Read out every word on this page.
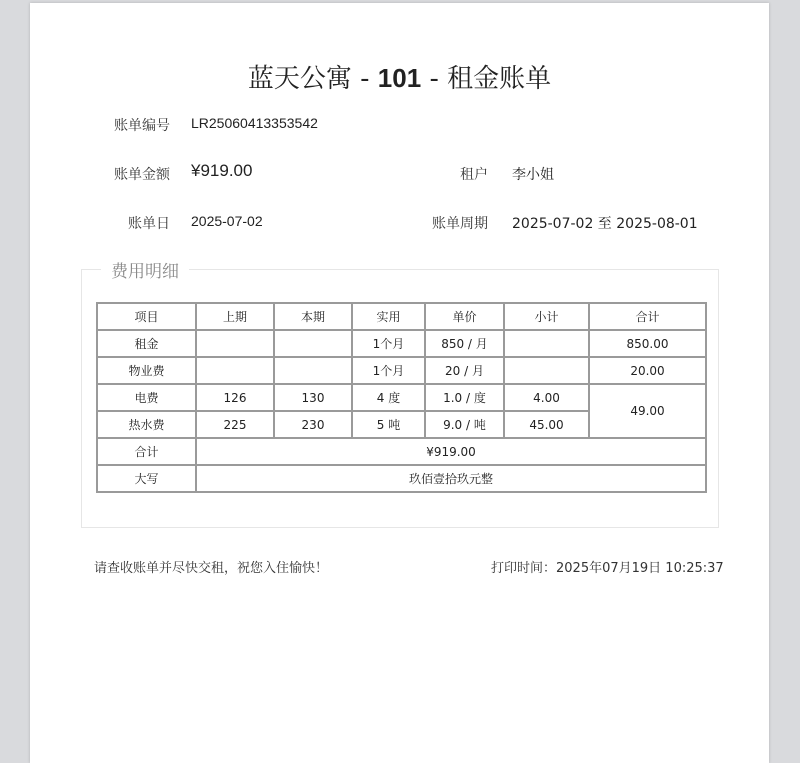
蓝天公寓 - 101 - 租金账单
账单编号 LR25060413353542
账单金额 ¥919.00	租户 李小姐
账单日 2025-07-02	账单周期 2025-07-02 至 2025-08-01
费用明细
项目	上期	本期	实用	单价	小计	合计
租金			1个月	850 / 月		850.00
物业费			1个月	20 / 月		20.00
电费	126	130	4 度	1.0 / 度	4.00	49.00
热水费	225	230	5 吨	9.0 / 吨	45.00	
合计	¥919.00					
大写	玖佰壹拾玖元整					
请查收账单并尽快交租，祝您入住愉快！	打印时间：2025年07月19日 10:25:37
